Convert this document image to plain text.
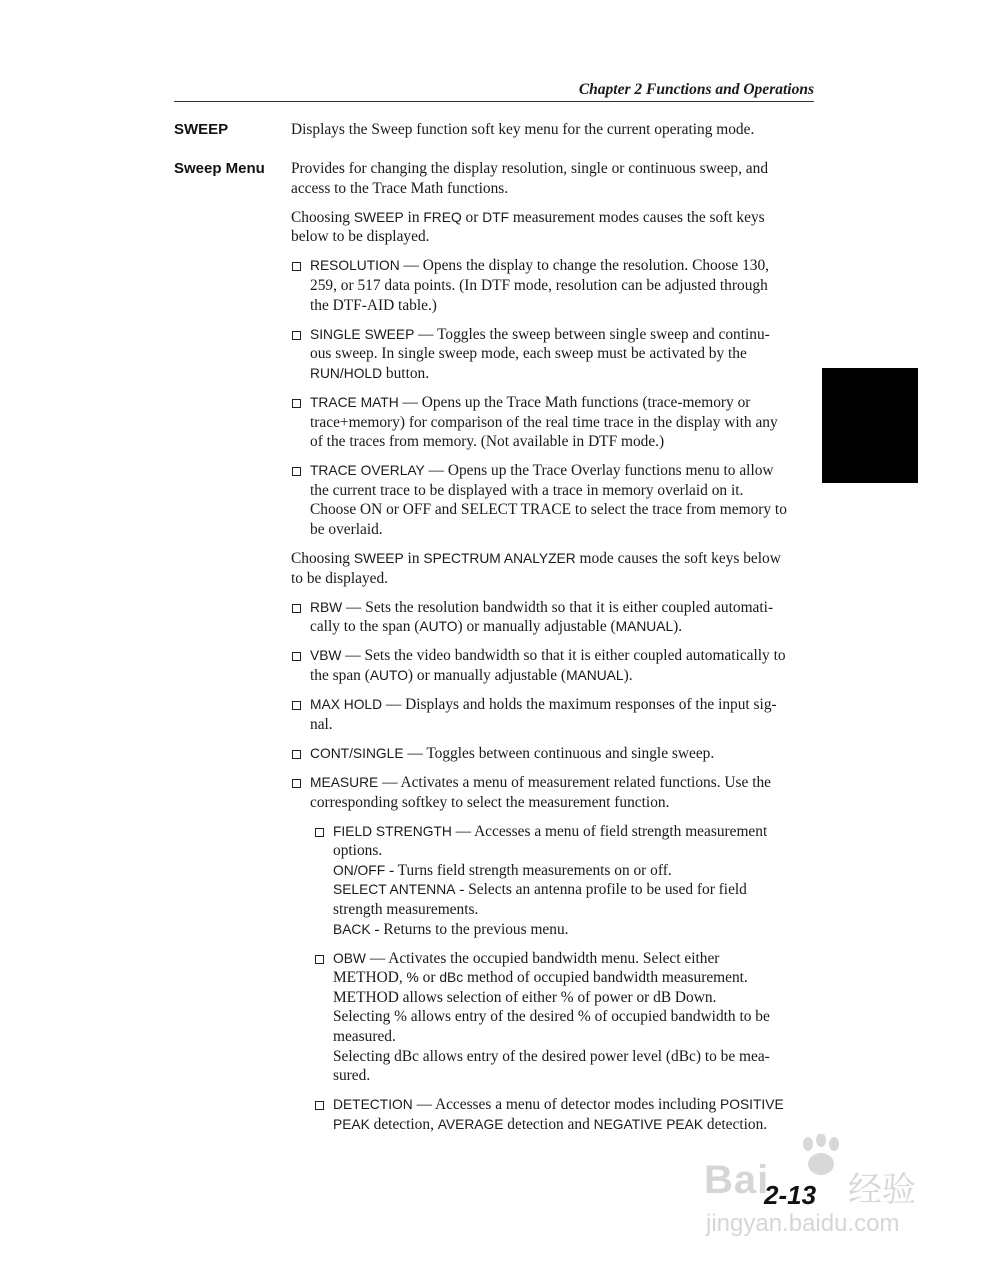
Chapter 2 Functions and Operations
SWEEP
Sweep Menu
Displays the Sweep function soft key menu for the current operating mode.

Provides for changing the display resolution, single or continuous sweep, and
access to the Trace Math functions.

Choosing SWEEP in FREQ or DTF measurement modes causes the soft keys
below to be displayed.

RESOLUTION — Opens the display to change the resolution. Choose 130,
259, or 517 data points. (In DTF mode, resolution can be adjusted through
the DTF-AID table.)
SINGLE SWEEP — Toggles the sweep between single sweep and continu-
ous sweep. In single sweep mode, each sweep must be activated by the
RUN/HOLD button.
TRACE MATH — Opens up the Trace Math functions (trace-memory or
trace+memory) for comparison of the real time trace in the display with any
of the traces from memory. (Not available in DTF mode.)
TRACE OVERLAY — Opens up the Trace Overlay functions menu to allow
the current trace to be displayed with a trace in memory overlaid on it.
Choose ON or OFF and SELECT TRACE to select the trace from memory to
be overlaid.

Choosing SWEEP in SPECTRUM ANALYZER mode causes the soft keys below
to be displayed.

RBW — Sets the resolution bandwidth so that it is either coupled automati-
cally to the span (AUTO) or manually adjustable (MANUAL).
VBW — Sets the video bandwidth so that it is either coupled automatically to
the span (AUTO) or manually adjustable (MANUAL).
MAX HOLD — Displays and holds the maximum responses of the input sig-
nal.
CONT/SINGLE — Toggles between continuous and single sweep.
MEASURE — Activates a menu of measurement related functions. Use the
corresponding softkey to select the measurement function.
FIELD STRENGTH — Accesses a menu of field strength measurement
options.
ON/OFF - Turns field strength measurements on or off.
SELECT ANTENNA - Selects an antenna profile to be used for field
strength measurements.
BACK - Returns to the previous menu.
OBW — Activates the occupied bandwidth menu. Select either
METHOD, % or dBc method of occupied bandwidth measurement.
METHOD allows selection of either % of power or dB Down.
Selecting % allows entry of the desired % of occupied bandwidth to be
measured.
Selecting dBc allows entry of the desired power level (dBc) to be mea-
sured.
DETECTION — Accesses a menu of detector modes including POSITIVE
PEAK detection, AVERAGE detection and NEGATIVE PEAK detection.
Bai 经验
jingyan.baidu.com
2-13
